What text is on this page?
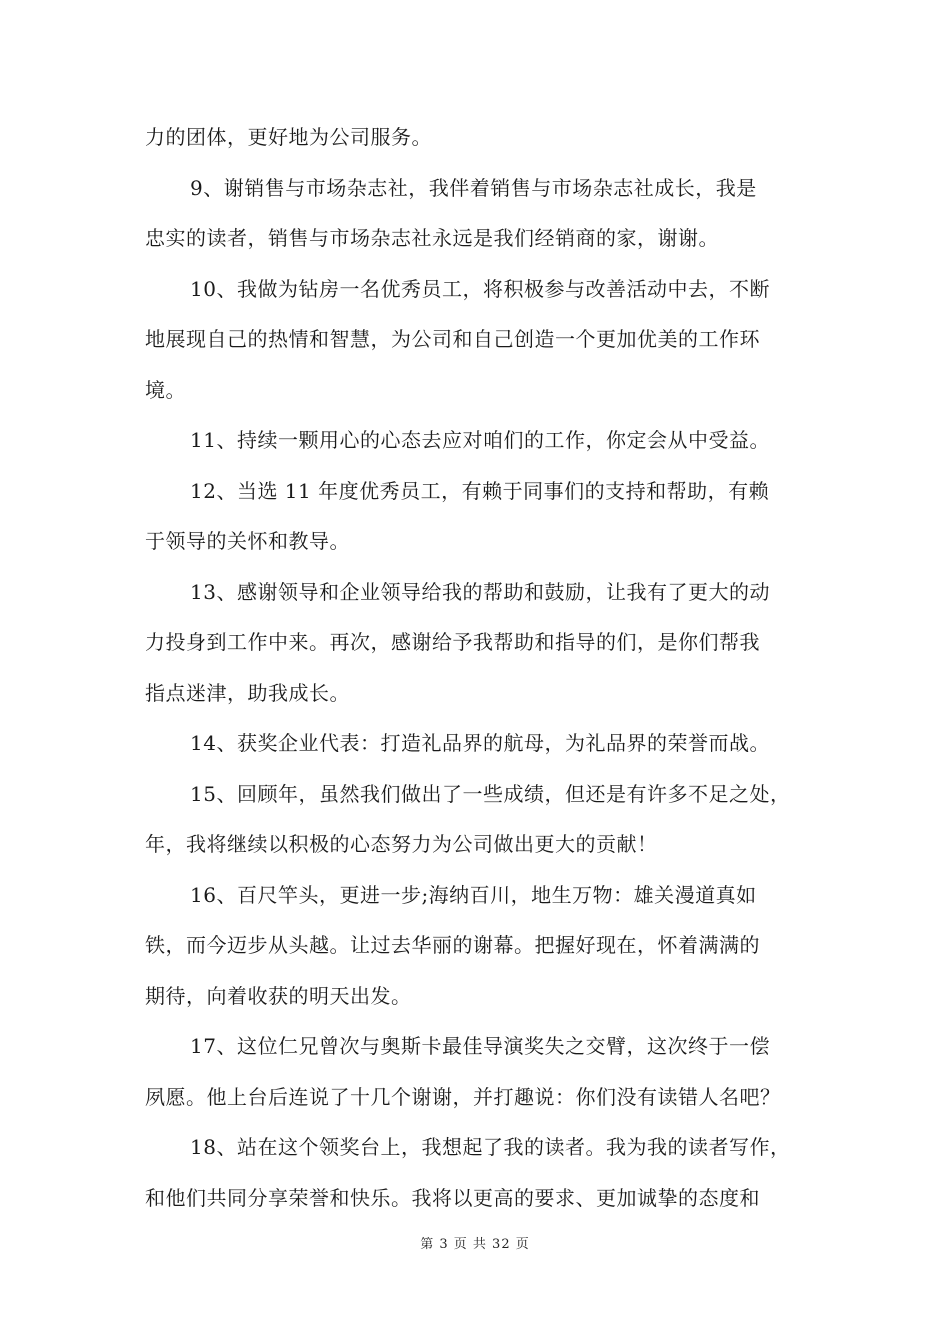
力的团体，更好地为公司服务。
9、谢销售与市场杂志社，我伴着销售与市场杂志社成长，我是
忠实的读者，销售与市场杂志社永远是我们经销商的家，谢谢。
10、我做为钻房一名优秀员工，将积极参与改善活动中去，不断
地展现自己的热情和智慧，为公司和自己创造一个更加优美的工作环
境。
11、持续一颗用心的心态去应对咱们的工作，你定会从中受益。
12、当选 11 年度优秀员工，有赖于同事们的支持和帮助，有赖
于领导的关怀和教导。
13、感谢领导和企业领导给我的帮助和鼓励，让我有了更大的动
力投身到工作中来。再次，感谢给予我帮助和指导的们，是你们帮我
指点迷津，助我成长。
14、获奖企业代表：打造礼品界的航母，为礼品界的荣誉而战。
15、回顾年，虽然我们做出了一些成绩，但还是有许多不足之处，
年，我将继续以积极的心态努力为公司做出更大的贡献！
16、百尺竿头，更进一步;海纳百川，地生万物：雄关漫道真如
铁，而今迈步从头越。让过去华丽的谢幕。把握好现在，怀着满满的
期待，向着收获的明天出发。
17、这位仁兄曾次与奥斯卡最佳导演奖失之交臂，这次终于一偿
夙愿。他上台后连说了十几个谢谢，并打趣说：你们没有读错人名吧？
18、站在这个领奖台上，我想起了我的读者。我为我的读者写作，
和他们共同分享荣誉和快乐。我将以更高的要求、更加诚挚的态度和
第 3 页 共 32 页
